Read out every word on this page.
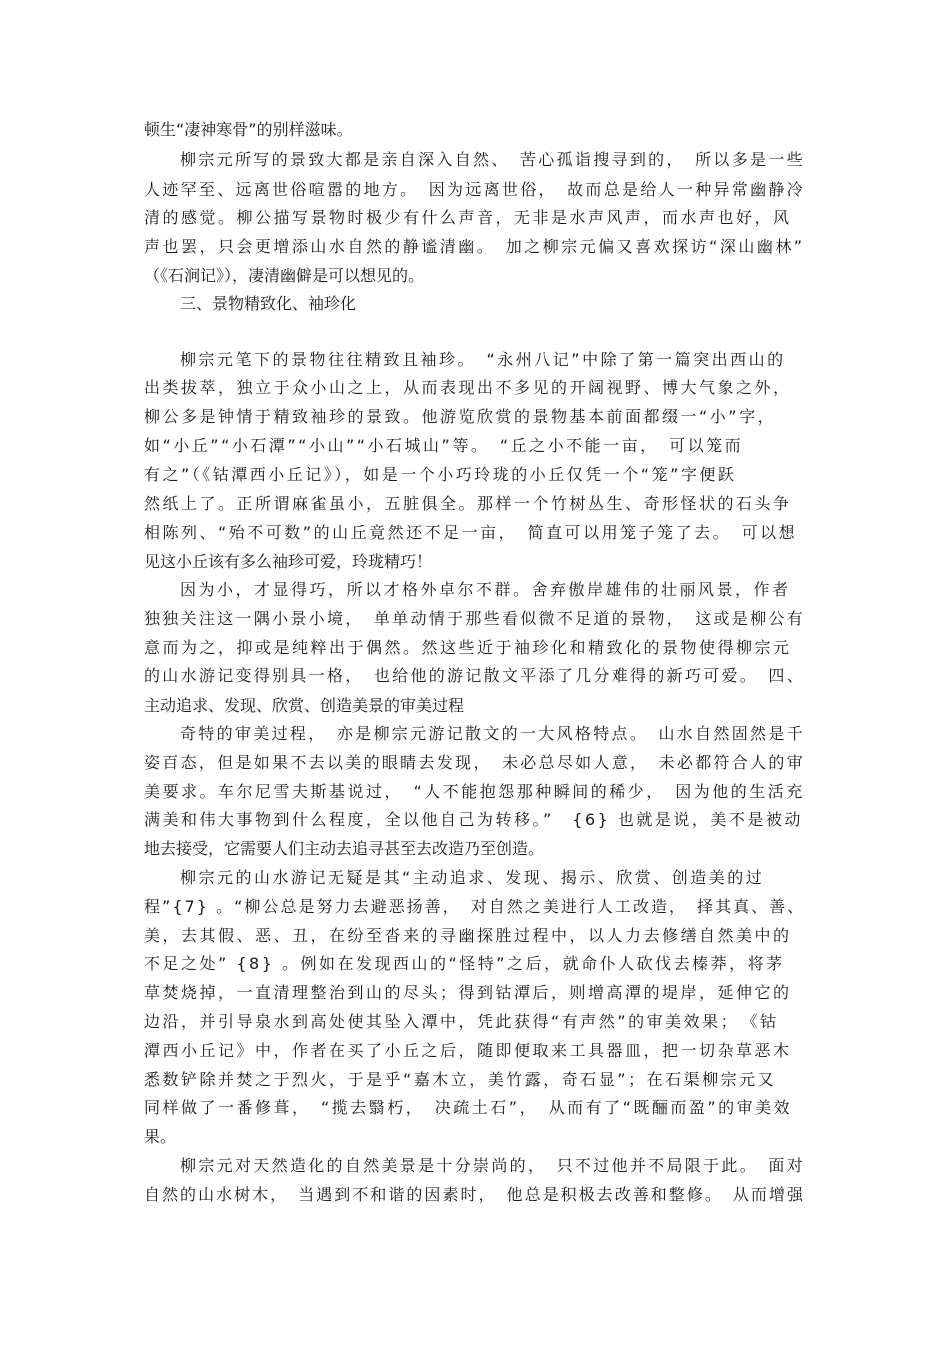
顿生“凄神寒骨”的别样滋味。
柳宗元所写的景致大都是亲自深入自然、　苦心孤诣搜寻到的，　所以多是一些
人迹罕至、远离世俗喧嚣的地方。　因为远离世俗，　故而总是给人一种异常幽静冷
清的感觉。柳公描写景物时极少有什么声音，无非是水声风声，而水声也好，风
声也罢，只会更增添山水自然的静谧清幽。　加之柳宗元偏又喜欢探访“深山幽林”
（《石涧记》），凄清幽僻是可以想见的。
三、景物精致化、袖珍化
柳宗元笔下的景物往往精致且袖珍。　“永州八记”中除了第一篇突出西山的
出类拔萃，独立于众小山之上，从而表现出不多见的开阔视野、博大气象之外，
柳公多是钟情于精致袖珍的景致。他游览欣赏的景物基本前面都缀一“小”字，
如“小丘”“小石潭”“小山”“小石城山”等。　“丘之小不能一亩，　可以笼而
有之”（《钴潭西小丘记》），如是一个小巧玲珑的小丘仅凭一个“笼”字便跃
然纸上了。正所谓麻雀虽小，五脏俱全。那样一个竹树丛生、奇形怪状的石头争
相陈列、“殆不可数”的山丘竟然还不足一亩，　简直可以用笼子笼了去。　可以想
见这小丘该有多么袖珍可爱，玲珑精巧！
因为小，才显得巧，所以才格外卓尔不群。舍弃傲岸雄伟的壮丽风景，作者
独独关注这一隅小景小境，　单单动情于那些看似微不足道的景物，　这或是柳公有
意而为之，抑或是纯粹出于偶然。然这些近于袖珍化和精致化的景物使得柳宗元
的山水游记变得别具一格，　也给他的游记散文平添了几分难得的新巧可爱。　四、
主动追求、发现、欣赏、创造美景的审美过程
奇特的审美过程，　亦是柳宗元游记散文的一大风格特点。　山水自然固然是千
姿百态，但是如果不去以美的眼睛去发现，　未必总尽如人意，　未必都符合人的审
美要求。车尔尼雪夫斯基说过，　“人不能抱怨那种瞬间的稀少，　因为他的生活充
满美和伟大事物到什么程度，全以他自己为转移。”　{6} 也就是说，美不是被动
地去接受，它需要人们主动去追寻甚至去改造乃至创造。
柳宗元的山水游记无疑是其“主动追求、发现、揭示、欣赏、创造美的过
程”{7} 。“柳公总是努力去避恶扬善，　对自然之美进行人工改造，　择其真、善、
美，去其假、恶、丑，在纷至沓来的寻幽探胜过程中，以人力去修缮自然美中的
不足之处” {8} 。例如在发现西山的“怪特”之后，就命仆人砍伐去榛莽，将茅
草焚烧掉，一直清理整治到山的尽头；得到钴潭后，则增高潭的堤岸，延伸它的
边沿，并引导泉水到高处使其坠入潭中，凭此获得“有声然”的审美效果；　《钴
潭西小丘记》中，作者在买了小丘之后，随即便取来工具器皿，把一切杂草恶木
悉数铲除并焚之于烈火，于是乎“嘉木立，美竹露，奇石显”；在石渠柳宗元又
同样做了一番修葺，　“揽去翳朽，　决疏土石”，　从而有了“既酾而盈”的审美效
果。
柳宗元对天然造化的自然美景是十分崇尚的，　只不过他并不局限于此。　面对
自然的山水树木，　当遇到不和谐的因素时，　他总是积极去改善和整修。　从而增强
